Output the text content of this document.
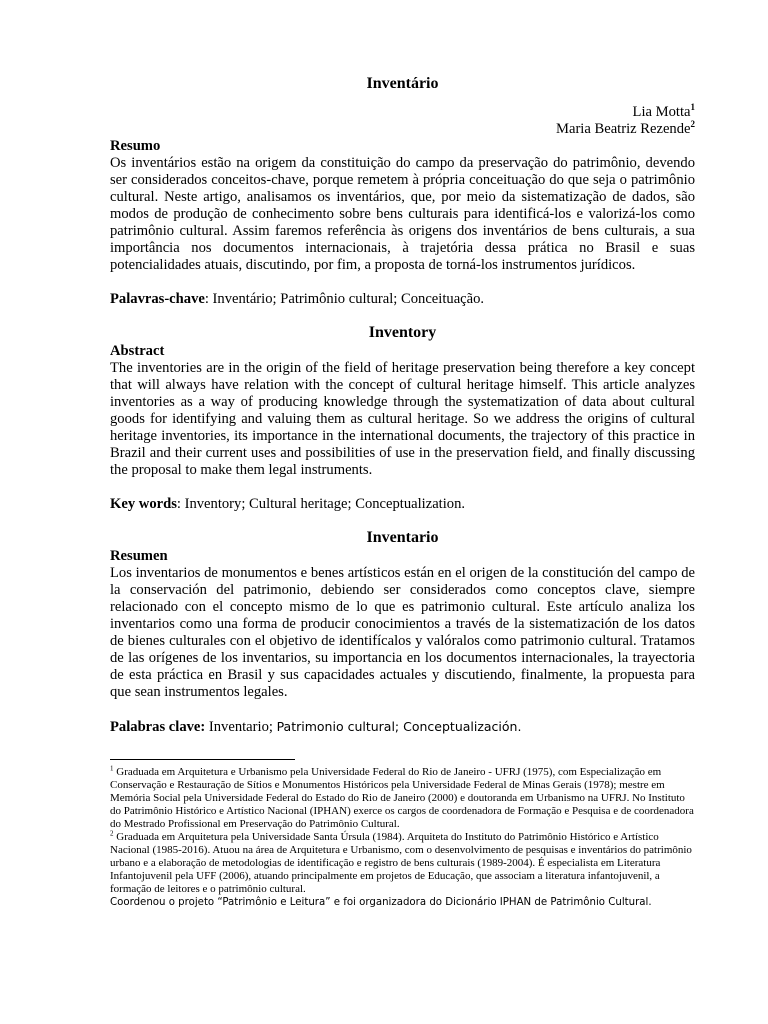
Inventário
Lia Motta$^1$
Maria Beatriz Rezende$^2$

Resumo

Os inventários estão na origem da constituição do campo da preservação do patrimônio, devendo ser considerados conceitos-chave, porque remetem à própria conceituação do que seja o patrimônio cultural. Neste artigo, analisamos os inventários, que, por meio da sistematização de dados, são modos de produção de conhecimento sobre bens culturais para identificá-los e valorizá-los como patrimônio cultural. Assim faremos referência às origens dos inventários de bens culturais, a sua importância nos documentos internacionais, à trajetória dessa prática no Brasil e suas potencialidades atuais, discutindo, por fim, a proposta de torná-los instrumentos jurídicos.

Palavras-chave: Inventário; Patrimônio cultural; Conceituação.

Inventory

Abstract

The inventories are in the origin of the field of heritage preservation being therefore a key concept that will always have relation with the concept of cultural heritage himself. This article analyzes inventories as a way of producing knowledge through the systematization of data about cultural goods for identifying and valuing them as cultural heritage. So we address the origins of cultural heritage inventories, its importance in the international documents, the trajectory of this practice in Brazil and their current uses and possibilities of use in the preservation field, and finally discussing the proposal to make them legal instruments.

Key words: Inventory; Cultural heritage; Conceptualization.

Inventario

Resumen

Los inventarios de monumentos e benes artísticos están en el origen de la constitución del campo de la conservación del patrimonio, debiendo ser considerados como conceptos clave, siempre relacionado con el concepto mismo de lo que es patrimonio cultural. Este artículo analiza los inventarios como una forma de producir conocimientos a través de la sistematización de los datos de bienes culturales con el objetivo de identifícalos y valóralos como patrimonio cultural. Tratamos de las orígenes de los inventarios, su importancia en los documentos internacionales, la trayectoria de esta práctica en Brasil y sus capacidades actuales y discutiendo, finalmente, la propuesta para que sean instrumentos legales.

Palabras clave: Inventario; Patrimonio cultural; Conceptualización.

$^1$ Graduada em Arquitetura e Urbanismo pela Universidade Federal do Rio de Janeiro - UFRJ (1975), com Especialização em Conservação e Restauração de Sítios e Monumentos Históricos pela Universidade Federal de Minas Gerais (1978); mestre em Memória Social pela Universidade Federal do Estado do Rio de Janeiro (2000) e doutoranda em Urbanismo na UFRJ. No Instituto do Patrimônio Histórico e Artístico Nacional (IPHAN) exerce os cargos de coordenadora de Formação e Pesquisa e de coordenadora do Mestrado Profissional em Preservação do Patrimônio Cultural.

$^2$ Graduada em Arquitetura pela Universidade Santa Úrsula (1984). Arquiteta do Instituto do Patrimônio Histórico e Artístico Nacional (1985-2016). Atuou na área de Arquitetura e Urbanismo, com o desenvolvimento de pesquisas e inventários do patrimônio urbano e a elaboração de metodologias de identificação e registro de bens culturais (1989-2004). É especialista em Literatura Infantojuvenil pela UFF (2006), atuando principalmente em projetos de Educação, que associam a literatura infantojuvenil, a formação de leitores e o patrimônio cultural.
Coordenou o projeto “Patrimônio e Leitura” e foi organizadora do Dicionário IPHAN de Patrimônio Cultural.
